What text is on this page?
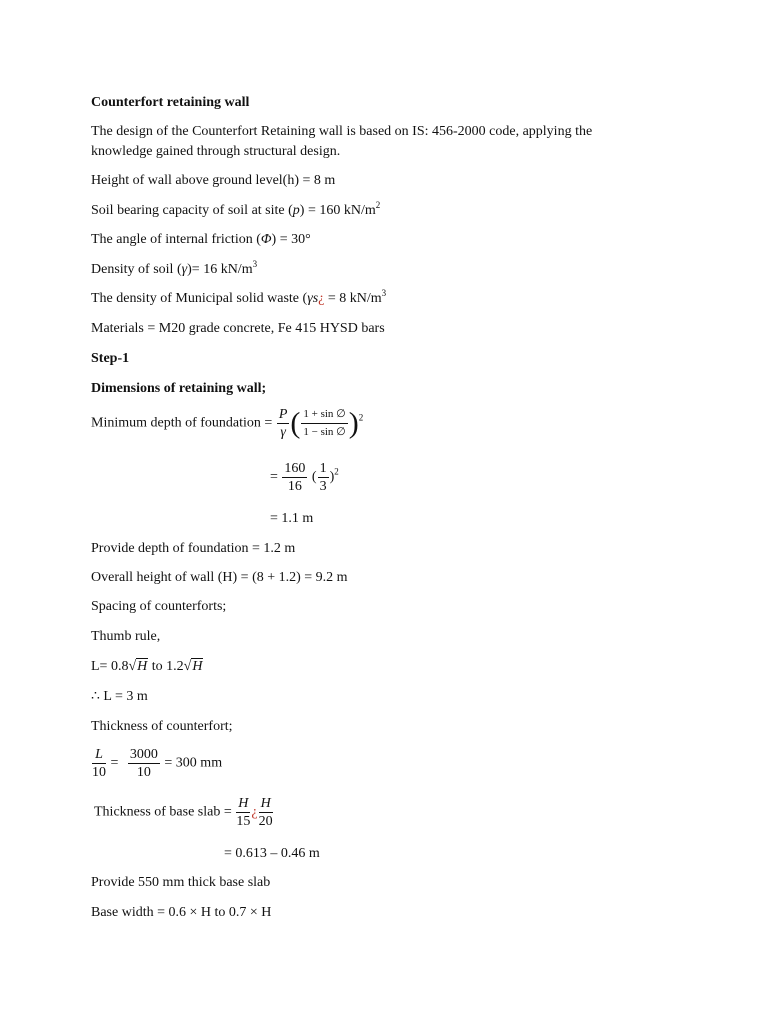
Counterfort retaining wall
The design of the Counterfort Retaining wall is based on IS: 456-2000 code, applying the
knowledge gained through structural design.
Height of wall above ground level(h) = 8 m
Soil bearing capacity of soil at site (p) = 160 $kN/m^2$
The angle of internal friction (Φ) = 30°
Density of soil (γ)= 16 $kN/m^3$
The density of Municipal solid waste (γs¿ = 8 $kN/m^3$
Materials = M20 grade concrete, Fe 415 HYSD bars
Step-1
Dimensions of retaining wall;
Minimum depth of foundation = $\frac{P}{\gamma}$ ( $\frac{1 + \sin \emptyset}{1 - \sin \emptyset} )^2$
= $\frac{160}{16}$ ( $\frac{1}{3} )^2$
= 1.1 m
Provide depth of foundation = 1.2 m
Overall height of wall (H) = (8 + 1.2) = 9.2 m
Spacing of counterforts;
Thumb rule,
L= 0.8√H to 1.2√H
∴ L = 3 m
Thickness of counterfort;
$\frac{L}{10} = \frac{3000}{10} = 300$ mm
Thickness of base slab = $\frac{H}{15}$ ¿ $\frac{H}{20}$
= 0.613 – 0.46 m
Provide 550 mm thick base slab
Base width = 0.6 × H to 0.7 × H
